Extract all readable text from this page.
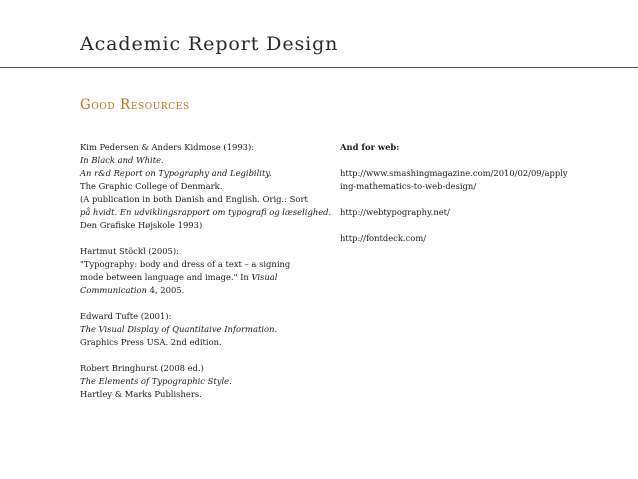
Academic Report Design
Good Resources
Kim Pedersen & Anders Kidmose (1993):
In Black and White.
An r&d Report on Typography and Legibility.
The Graphic College of Denmark.
(A publication in both Danish and English. Orig.: Sort
på hvidt. En udviklingsrapport om typografi og læselighed.
Den Grafiske Højskole 1993)
Hartmut Stöckl (2005):
"Typography: body and dress of a text – a signing
mode between language and image." In Visual
Communication 4, 2005.
Edward Tufte (2001):
The Visual Display of Quantitaive Information.
Graphics Press USA. 2nd edition.
Robert Bringhurst (2008 ed.)
The Elements of Typographic Style.
Hartley & Marks Publishers.
And for web:
http://www.smashingmagazine.com/2010/02/09/apply
ing-mathematics-to-web-design/
http://webtypography.net/
http://fontdeck.com/
